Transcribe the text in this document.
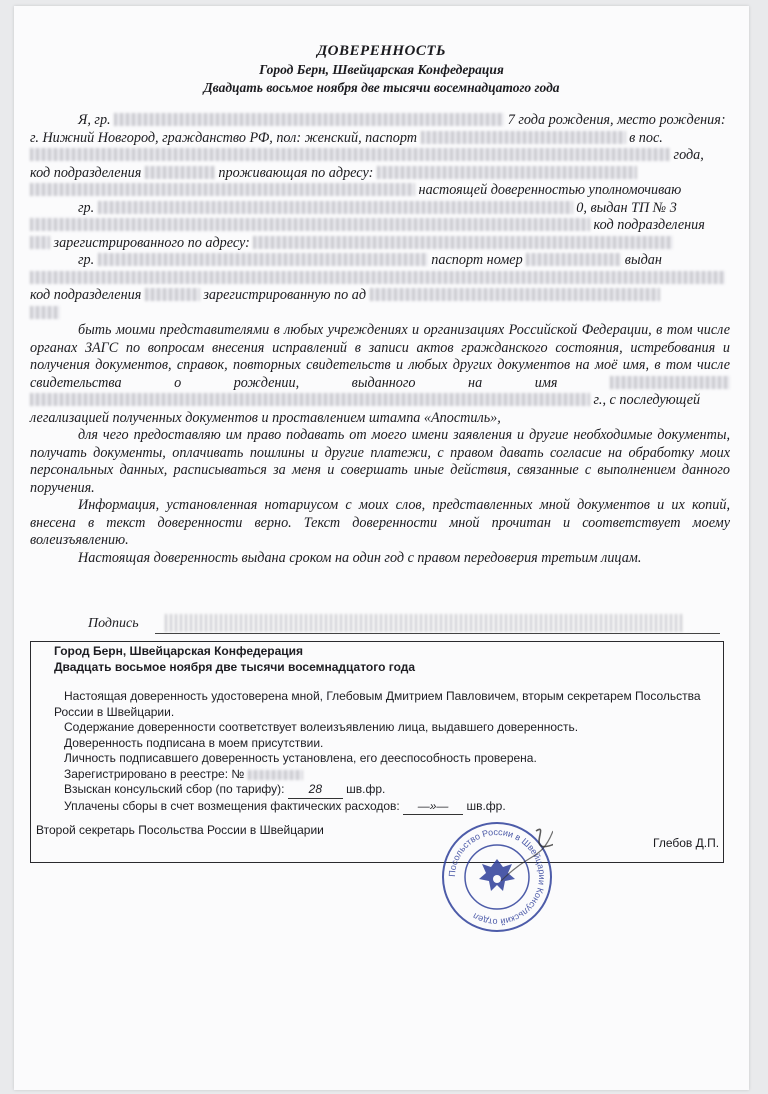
ДОВЕРЕННОСТЬ
Город Берн, Швейцарская Конфедерация
Двадцать восьмое ноября две тысячи восемнадцатого года

Я, гр.	7 года рождения, место рождения:

г. Нижний Новгород, гражданство РФ, пол: женский, паспорт	в пос.

года,

код подразделения	проживающая по адресу:

настоящей доверенностью уполномочиваю

гр.	0, выдан ТП № 3

код подразделения

зарегистрированного по адресу:

гр.	паспорт номер	выдан

код подразделения	зарегистрированную по ад

быть моими представителями в любых учреждениях и организациях Российской Федерации, в том числе органах ЗАГС по вопросам внесения исправлений в записи актов гражданского состояния, истребования и получения документов, справок, повторных свидетельств и любых других документов на моё имя, в том числе свидетельства о рождении, выданного на имя   г., с последующей

легализацией полученных документов и проставлением штампа «Апостиль»,

для чего предоставляю им право подавать от моего имени заявления и другие необходимые документы, получать документы, оплачивать пошлины и другие платежи, с правом давать согласие на обработку моих персональных данных, расписываться за меня и совершать иные действия, связанные с выполнением данного поручения.

Информация, установленная нотариусом с моих слов, представленных мной документов и их копий, внесена в текст доверенности верно. Текст доверенности мной прочитан и соответствует моему волеизъявлению.

Настоящая доверенность выдана сроком на один год с правом передоверия третьим лицам.

Подпись
Город Берн, Швейцарская Конфедерация
Двадцать восьмое ноября две тысячи восемнадцатого года

Настоящая доверенность удостоверена мной, Глебовым Дмитрием Павловичем, вторым секретарем Посольства

России в Швейцарии.

Содержание доверенности соответствует волеизъявлению лица, выдавшего доверенность.

Доверенность подписана в моем присутствии.

Личность подписавшего доверенность установлена, его дееспособность проверена.

Зарегистрировано в реестре: №

Взыскан консульский сбор (по тарифу): 28 шв.фр.

Уплачены сборы в счет возмещения фактических расходов: —»— шв.фр.

Второй секретарь Посольства России в Швейцарии
Глебов Д.П.
Посольство России в Швейцарии Консульский отдел
